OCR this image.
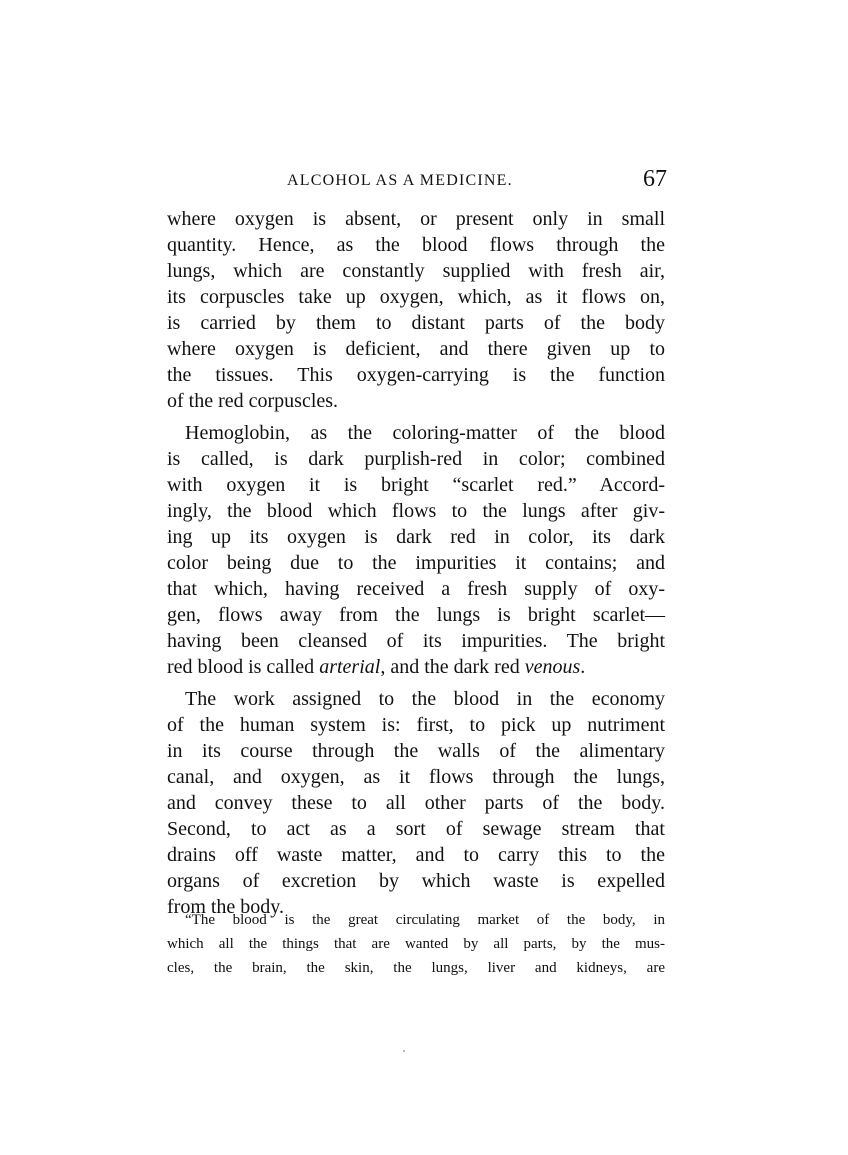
ALCOHOL AS A MEDICINE.	67
where oxygen is absent, or present only in small
quantity. Hence, as the blood flows through the
lungs, which are constantly supplied with fresh air,
its corpuscles take up oxygen, which, as it flows on,
is carried by them to distant parts of the body
where oxygen is deficient, and there given up to
the tissues. This oxygen-carrying is the function
of the red corpuscles.
Hemoglobin, as the coloring-matter of the blood
is called, is dark purplish-red in color; combined
with oxygen it is bright “scarlet red.” Accord-
ingly, the blood which flows to the lungs after giv-
ing up its oxygen is dark red in color, its dark
color being due to the impurities it contains; and
that which, having received a fresh supply of oxy-
gen, flows away from the lungs is bright scarlet—
having been cleansed of its impurities. The bright
red blood is called arterial, and the dark red venous.
The work assigned to the blood in the economy
of the human system is: first, to pick up nutriment
in its course through the walls of the alimentary
canal, and oxygen, as it flows through the lungs,
and convey these to all other parts of the body.
Second, to act as a sort of sewage stream that
drains off waste matter, and to carry this to the
organs of excretion by which waste is expelled
from the body.
“The blood is the great circulating market of the body, in
which all the things that are wanted by all parts, by the mus-
cles, the brain, the skin, the lungs, liver and kidneys, are
